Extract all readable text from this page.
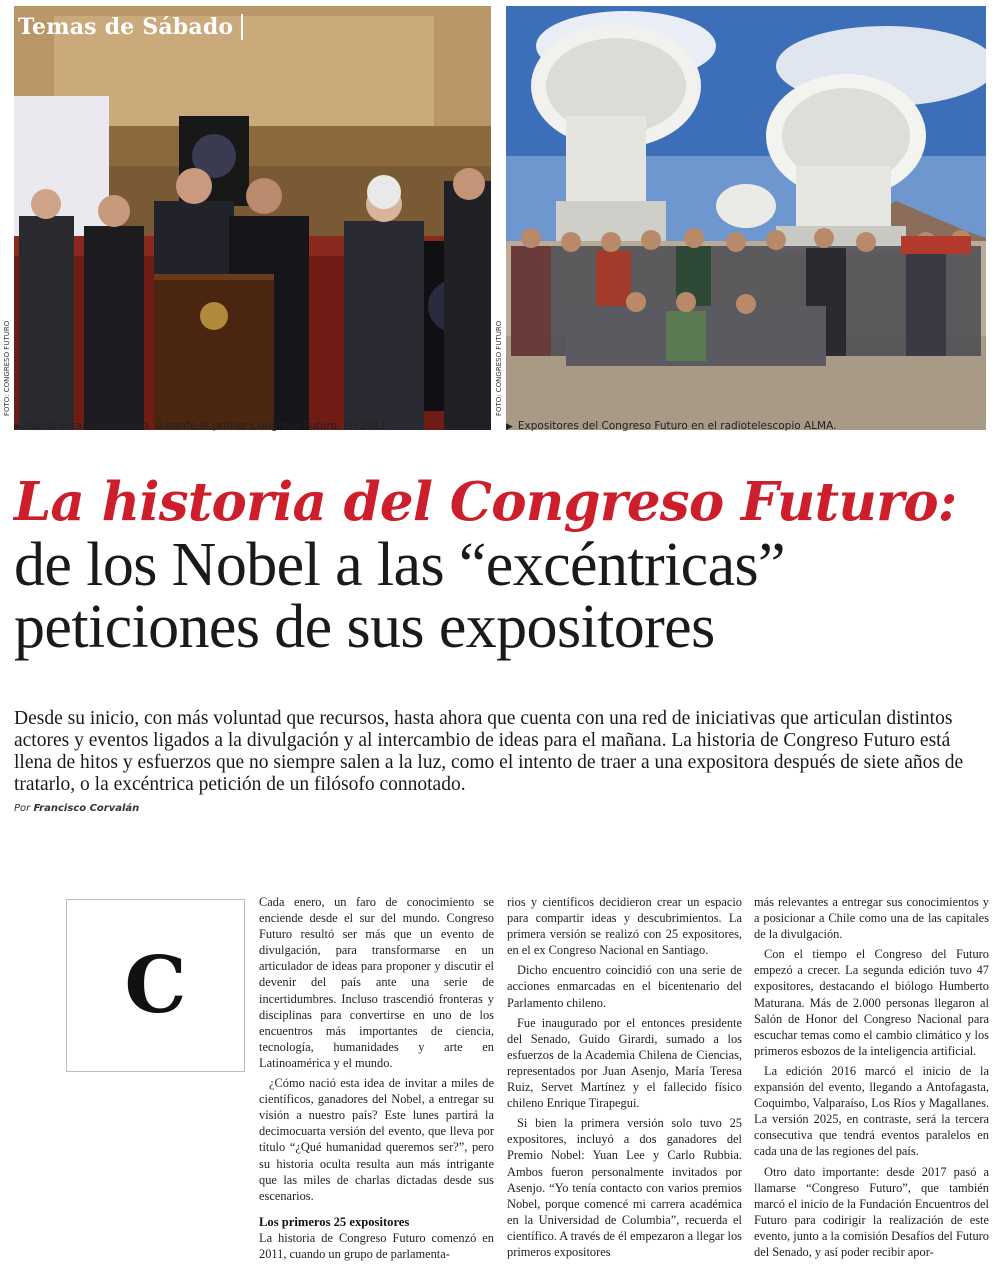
Temas de Sábado
FOTO: CONGRESO FUTURO	FOTO: CONGRESO FUTURO
▶ Guido Girardi, al centro, durante el primer Congreso Futuro, en 2011.	▶ Expositores del Congreso Futuro en el radiotelescopio ALMA.
La historia del Congreso Futuro:
de los Nobel a las “excéntricas”
peticiones de sus expositores

Desde su inicio, con más voluntad que recursos, hasta ahora que cuenta con una red de iniciativas que articulan distintos actores y eventos ligados a la divulgación y al intercambio de ideas para el mañana. La historia de Congreso Futuro está llena de hitos y esfuerzos que no siempre salen a la luz, como el intento de traer a una expositora después de siete años de tratarlo, o la excéntrica petición de un filósofo connotado.

Por Francisco Corvalán
C

Cada enero, un faro de conocimiento se enciende desde el sur del mundo. Congreso Futuro resultó ser más que un evento de divulgación, para transformarse en un articulador de ideas para proponer y discutir el devenir del país ante una serie de incertidumbres. Incluso trascendió fronteras y disciplinas para convertirse en uno de los encuentros más importantes de ciencia, tecnología, humanidades y arte en Latinoamérica y el mundo.

¿Cómo nació esta idea de invitar a miles de científicos, ganadores del Nobel, a entregar su visión a nuestro país? Este lunes partirá la decimocuarta versión del evento, que lleva por título “¿Qué humanidad queremos ser?”, pero su historia oculta resulta aun más intrigante que las miles de charlas dictadas desde sus escenarios.

Los primeros 25 expositores

La historia de Congreso Futuro comenzó en 2011, cuando un grupo de parlamenta-

rios y científicos decidieron crear un espacio para compartir ideas y descubrimientos. La primera versión se realizó con 25 expositores, en el ex Congreso Nacional en Santiago.

Dicho encuentro coincidió con una serie de acciones enmarcadas en el bicentenario del Parlamento chileno.

Fue inaugurado por el entonces presidente del Senado, Guido Girardi, sumado a los esfuerzos de la Academia Chilena de Ciencias, representados por Juan Asenjo, María Teresa Ruiz, Servet Martínez y el fallecido físico chileno Enrique Tirapegui.

Si bien la primera versión solo tuvo 25 expositores, incluyó a dos ganadores del Premio Nobel: Yuan Lee y Carlo Rubbia. Ambos fueron personalmente invitados por Asenjo. “Yo tenía contacto con varios premios Nobel, porque comencé mi carrera académica en la Universidad de Columbia”, recuerda el científico. A través de él empezaron a llegar los primeros expositores

más relevantes a entregar sus conocimientos y a posicionar a Chile como una de las capitales de la divulgación.

Con el tiempo el Congreso del Futuro empezó a crecer. La segunda edición tuvo 47 expositores, destacando el biólogo Humberto Maturana. Más de 2.000 personas llegaron al Salón de Honor del Congreso Nacional para escuchar temas como el cambio climático y los primeros esbozos de la inteligencia artificial.

La edición 2016 marcó el inicio de la expansión del evento, llegando a Antofagasta, Coquimbo, Valparaíso, Los Ríos y Magallanes. La versión 2025, en contraste, será la tercera consecutiva que tendrá eventos paralelos en cada una de las regiones del país.

Otro dato importante: desde 2017 pasó a llamarse “Congreso Futuro”, que también marcó el inicio de la Fundación Encuentros del Futuro para codirigir la realización de este evento, junto a la comisión Desafíos del Futuro del Senado, y así poder recibir apor-
